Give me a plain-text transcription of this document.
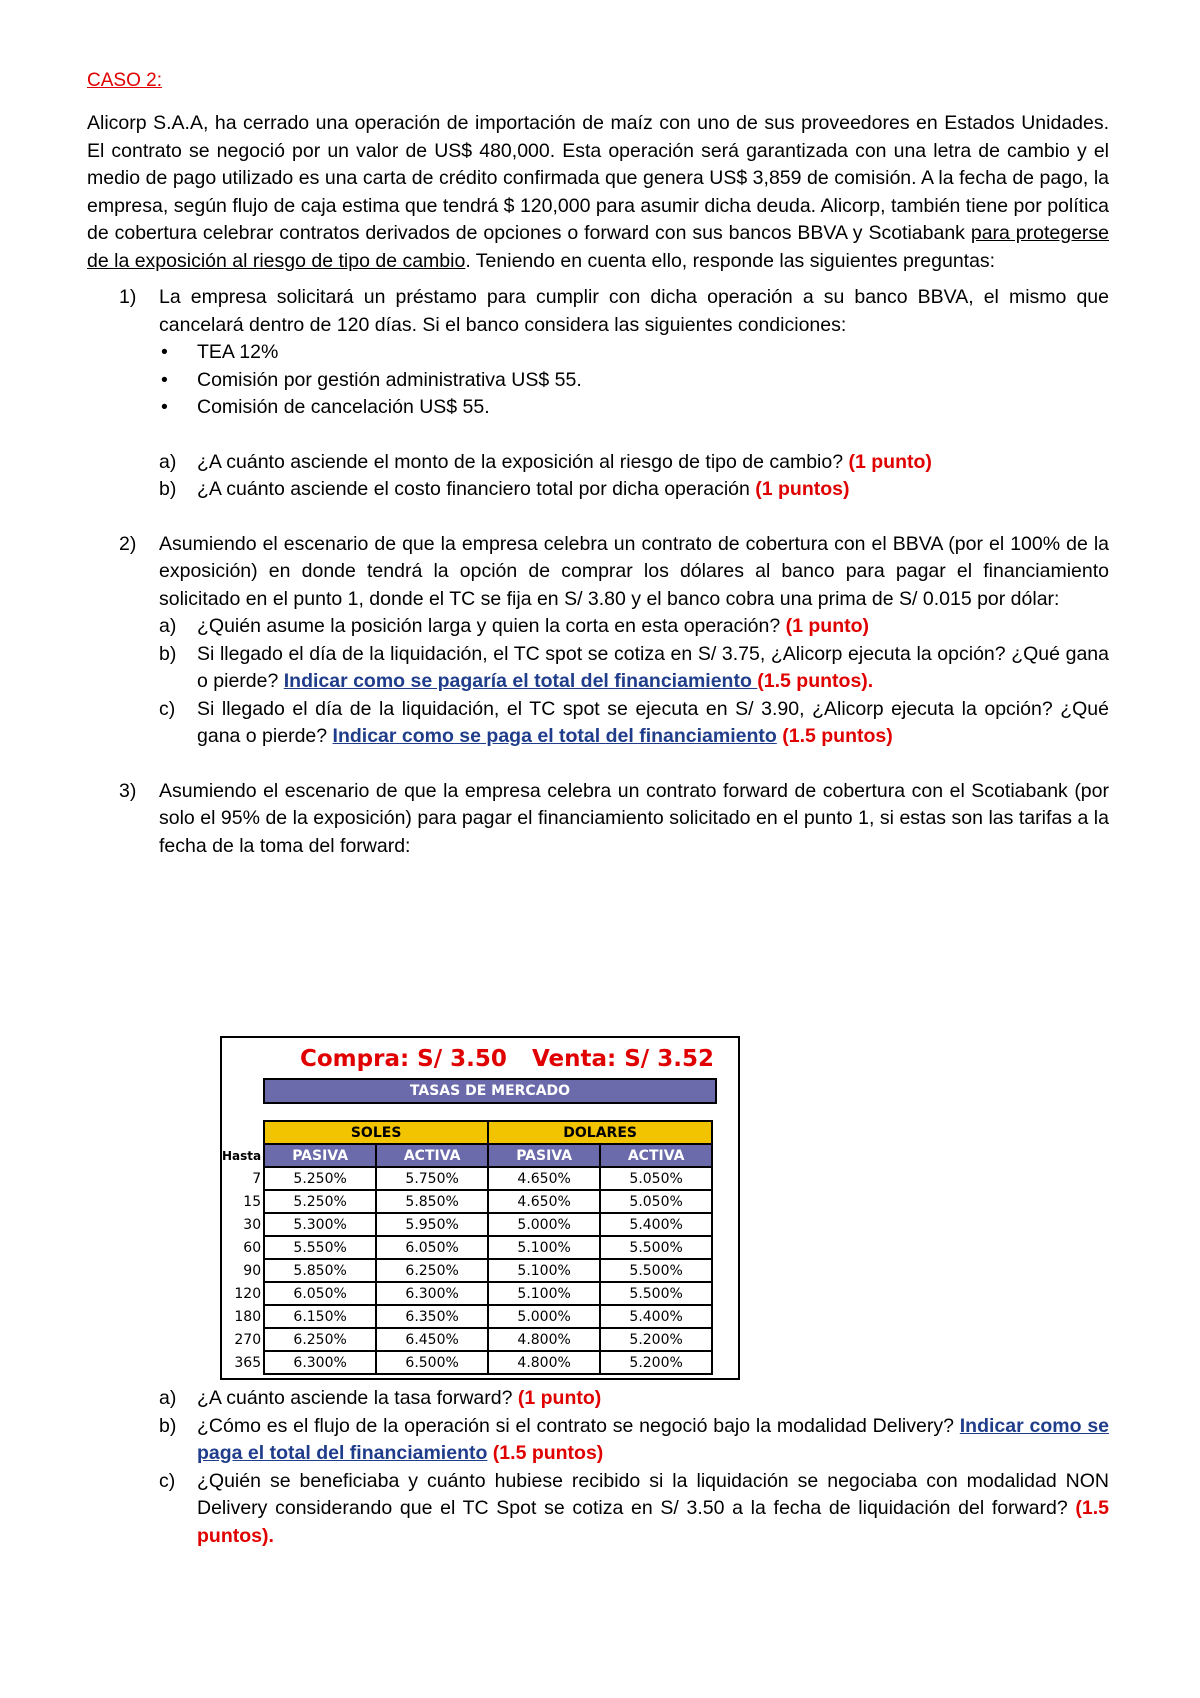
CASO 2:

Alicorp S.A.A, ha cerrado una operación de importación de maíz con uno de sus proveedores en Estados Unidades. El contrato se negoció por un valor de US$ 480,000. Esta operación será garantizada con una letra de cambio y el medio de pago utilizado es una carta de crédito confirmada que genera US$ 3,859 de comisión. A la fecha de pago, la empresa, según flujo de caja estima que tendrá $ 120,000 para asumir dicha deuda. Alicorp, también tiene por política de cobertura celebrar contratos derivados de opciones o forward con sus bancos BBVA y Scotiabank para protegerse de la exposición al riesgo de tipo de cambio. Teniendo en cuenta ello, responde las siguientes preguntas:

1) La empresa solicitará un préstamo para cumplir con dicha operación a su banco BBVA, el mismo que cancelará dentro de 120 días. Si el banco considera las siguientes condiciones:
• TEA 12%
• Comisión por gestión administrativa US$ 55.
• Comisión de cancelación US$ 55.
a) ¿A cuánto asciende el monto de la exposición al riesgo de tipo de cambio? (1 punto)
b) ¿A cuánto asciende el costo financiero total por dicha operación (1 puntos)
2) Asumiendo el escenario de que la empresa celebra un contrato de cobertura con el BBVA (por el 100% de la exposición) en donde tendrá la opción de comprar los dólares al banco para pagar el financiamiento solicitado en el punto 1, donde el TC se fija en S/ 3.80 y el banco cobra una prima de S/ 0.015 por dólar:
a) ¿Quién asume la posición larga y quien la corta en esta operación? (1 punto)
b) Si llegado el día de la liquidación, el TC spot se cotiza en S/ 3.75, ¿Alicorp ejecuta la opción? ¿Qué gana o pierde? Indicar como se pagaría el total del financiamiento (1.5 puntos).
c) Si llegado el día de la liquidación, el TC spot se ejecuta en S/ 3.90, ¿Alicorp ejecuta la opción? ¿Qué gana o pierde? Indicar como se paga el total del financiamiento (1.5 puntos)
3) Asumiendo el escenario de que la empresa celebra un contrato forward de cobertura con el Scotiabank (por solo el 95% de la exposición) para pagar el financiamiento solicitado en el punto 1, si estas son las tarifas a la fecha de la toma del forward:
Compra: S/ 3.50 Venta: S/ 3.52
TASAS DE MERCADO
	SOLES		DOLARES	
Hasta	PASIVA	ACTIVA	PASIVA	ACTIVA
7	5.250%	5.750%	4.650%	5.050%
15	5.250%	5.850%	4.650%	5.050%
30	5.300%	5.950%	5.000%	5.400%
60	5.550%	6.050%	5.100%	5.500%
90	5.850%	6.250%	5.100%	5.500%
120	6.050%	6.300%	5.100%	5.500%
180	6.150%	6.350%	5.000%	5.400%
270	6.250%	6.450%	4.800%	5.200%
365	6.300%	6.500%	4.800%	5.200%
a) ¿A cuánto asciende la tasa forward? (1 punto)
b) ¿Cómo es el flujo de la operación si el contrato se negoció bajo la modalidad Delivery? Indicar como se paga el total del financiamiento (1.5 puntos)
c) ¿Quién se beneficiaba y cuánto hubiese recibido si la liquidación se negociaba con modalidad NON Delivery considerando que el TC Spot se cotiza en S/ 3.50 a la fecha de liquidación del forward? (1.5 puntos).
